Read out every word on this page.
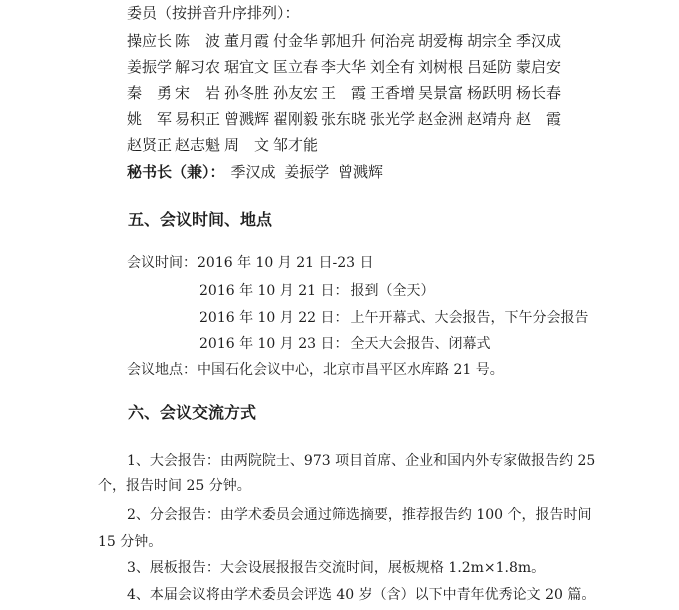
委员（按拼音升序排列）：
操应长 陈　波 董月霞 付金华 郭旭升 何治亮 胡爱梅 胡宗全 季汉成
姜振学 解习农 琚宜文 匡立春 李大华 刘全有 刘树根 吕延防 蒙启安
秦　勇 宋　岩 孙冬胜 孙友宏 王　霞 王香增 吴景富 杨跃明 杨长春
姚　军 易积正 曾溅辉 翟刚毅 张东晓 张光学 赵金洲 赵靖舟 赵　霞
赵贤正 赵志魁 周　文 邹才能
秘书长（兼）： 季汉成 姜振学 曾溅辉
五、会议时间、地点
会议时间：2016 年 10 月 21 日-23 日
2016 年 10 月 21 日： 报到（全天）
2016 年 10 月 22 日： 上午开幕式、大会报告，下午分会报告
2016 年 10 月 23 日： 全天大会报告、闭幕式
会议地点：中国石化会议中心，北京市昌平区水库路 21 号。
六、会议交流方式
1、大会报告：由两院院士、973 项目首席、企业和国内外专家做报告约 25
个，报告时间 25 分钟。
2、分会报告：由学术委员会通过筛选摘要，推荐报告约 100 个，报告时间
15 分钟。
3、展板报告：大会设展报报告交流时间，展板规格 1.2m×1.8m。
4、本届会议将由学术委员会评选 40 岁（含）以下中青年优秀论文 20 篇。
